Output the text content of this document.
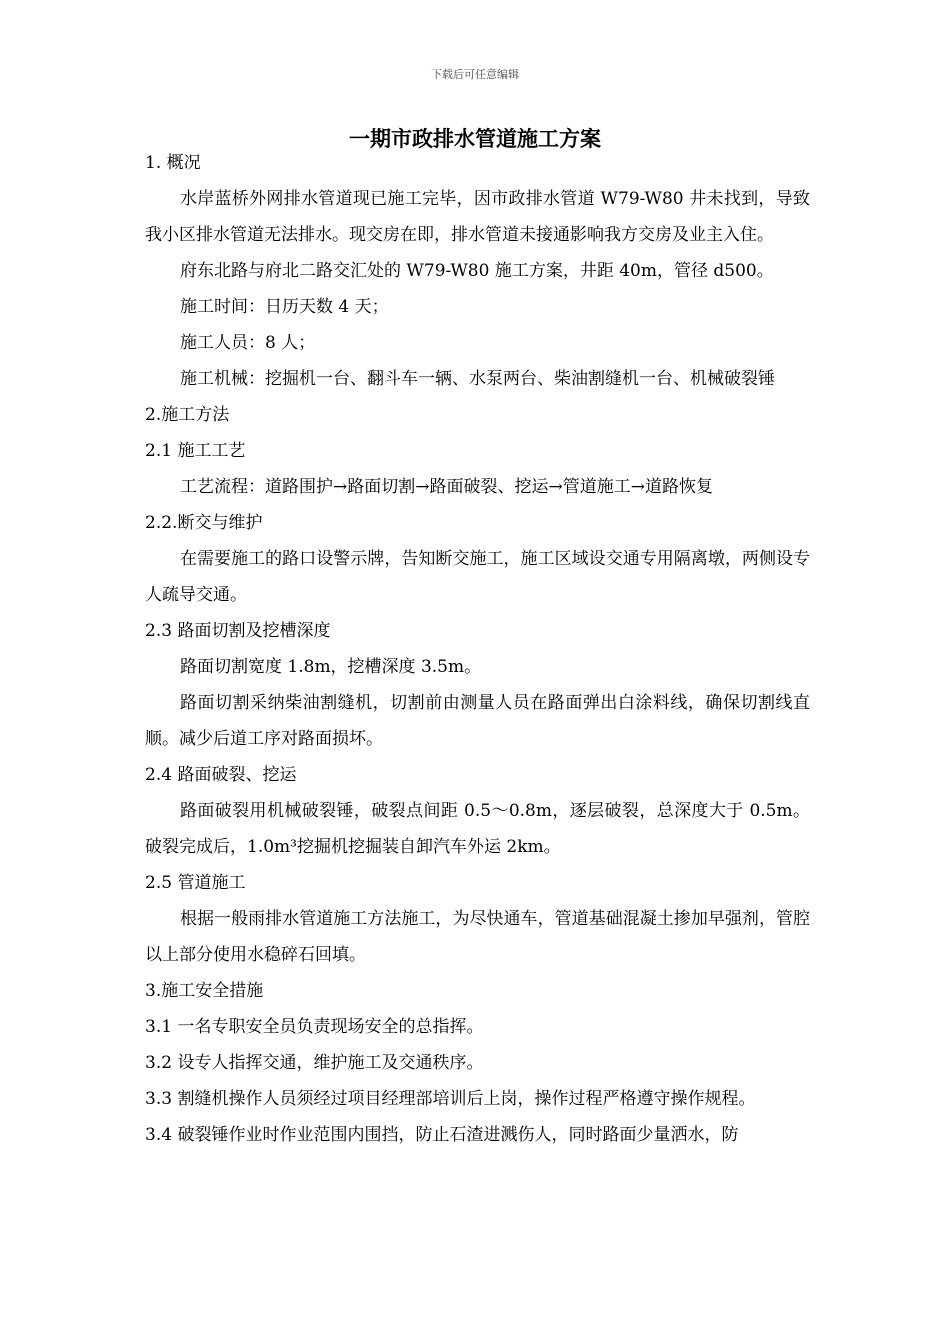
下载后可任意编辑
一期市政排水管道施工方案

1. 概况

水岸蓝桥外网排水管道现已施工完毕，因市政排水管道 W79-W80 井未找到，导致我小区排水管道无法排水。现交房在即，排水管道未接通影响我方交房及业主入住。

府东北路与府北二路交汇处的 W79-W80 施工方案，井距 40m，管径 d500。

施工时间：日历天数 4 天；

施工人员：8 人；

施工机械：挖掘机一台、翻斗车一辆、水泵两台、柴油割缝机一台、机械破裂锤

2.施工方法

2.1 施工工艺

工艺流程：道路围护→路面切割→路面破裂、挖运→管道施工→道路恢复

2.2.断交与维护

在需要施工的路口设警示牌，告知断交施工，施工区域设交通专用隔离墩，两侧设专人疏导交通。

2.3 路面切割及挖槽深度

路面切割宽度 1.8m，挖槽深度 3.5m。

路面切割采纳柴油割缝机，切割前由测量人员在路面弹出白涂料线，确保切割线直顺。减少后道工序对路面损坏。

2.4 路面破裂、挖运

路面破裂用机械破裂锤，破裂点间距 0.5～0.8m，逐层破裂，总深度大于 0.5m。破裂完成后，1.0m³挖掘机挖掘装自卸汽车外运 2km。

2.5 管道施工

根据一般雨排水管道施工方法施工，为尽快通车，管道基础混凝土掺加早强剂，管腔以上部分使用水稳碎石回填。

3.施工安全措施

3.1 一名专职安全员负责现场安全的总指挥。

3.2 设专人指挥交通，维护施工及交通秩序。

3.3 割缝机操作人员须经过项目经理部培训后上岗，操作过程严格遵守操作规程。

3.4 破裂锤作业时作业范围内围挡，防止石渣进溅伤人，同时路面少量洒水，防
